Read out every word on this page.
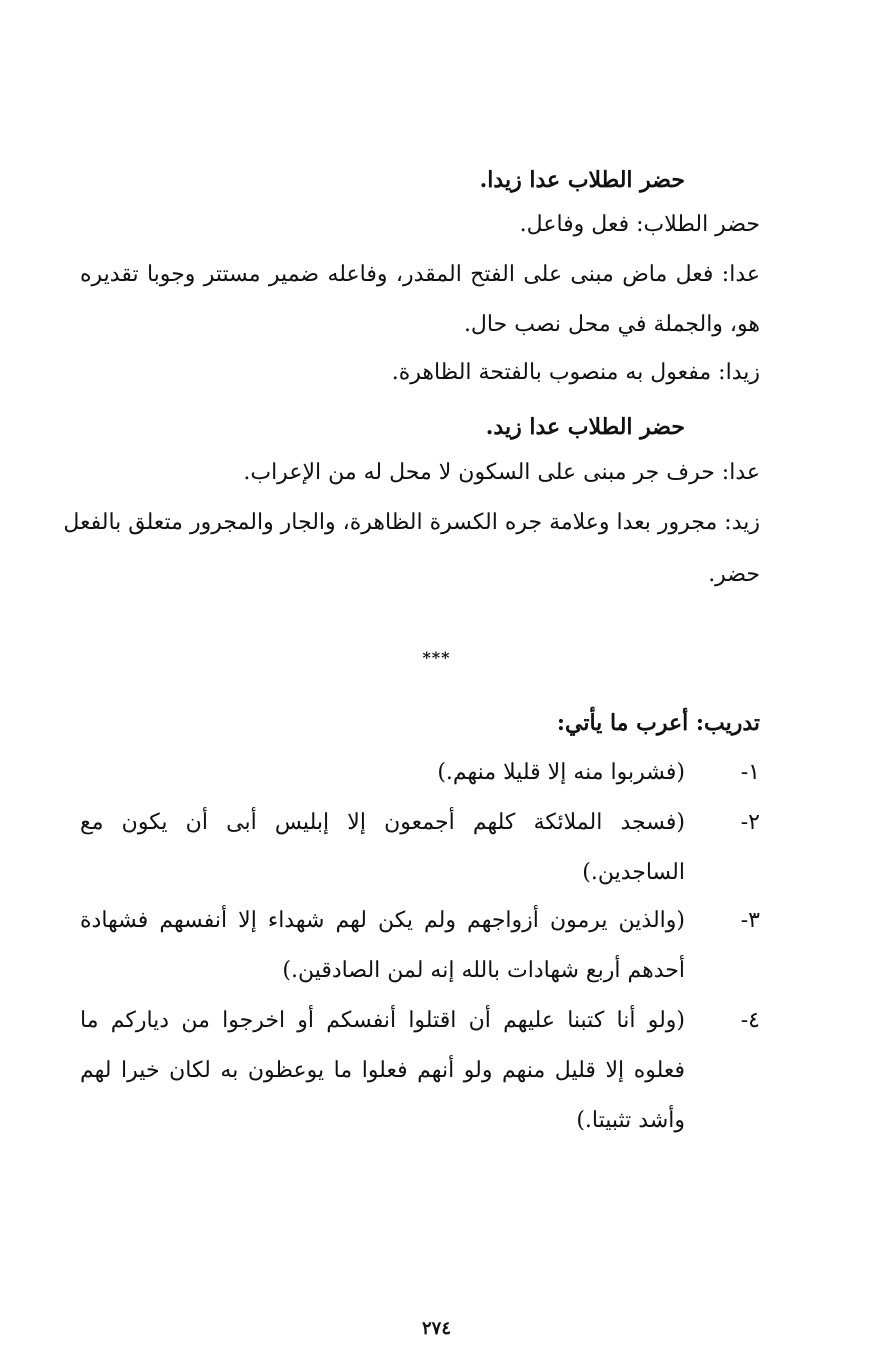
حضر الطلاب عدا زيدا.
حضر الطلاب: فعل وفاعل.
عدا: فعل ماض مبنى على الفتح المقدر، وفاعله ضمير مستتر وجوبا تقديره
هو، والجملة في محل نصب حال.
زيدا: مفعول به منصوب بالفتحة الظاهرة.
حضر الطلاب عدا زيد.
عدا: حرف جر مبنى على السكون لا محل له من الإعراب.
زيد: مجرور بعدا وعلامة جره الكسرة الظاهرة، والجار والمجرور متعلق بالفعل
حضر.
***
تدريب: أعرب ما يأتي:
١-
(فشربوا منه إلا قليلا منهم.)
٢-
(فسجد الملائكة كلهم أجمعون إلا إبليس أبى أن يكون مع
الساجدين.)
٣-
(والذين يرمون أزواجهم ولم يكن لهم شهداء إلا أنفسهم فشهادة
أحدهم أربع شهادات بالله إنه لمن الصادقين.)
٤-
(ولو أنا كتبنا عليهم أن اقتلوا أنفسكم أو اخرجوا من دياركم ما
فعلوه إلا قليل منهم ولو أنهم فعلوا ما يوعظون به لكان خيرا لهم
وأشد تثبيتا.)
٢٧٤
